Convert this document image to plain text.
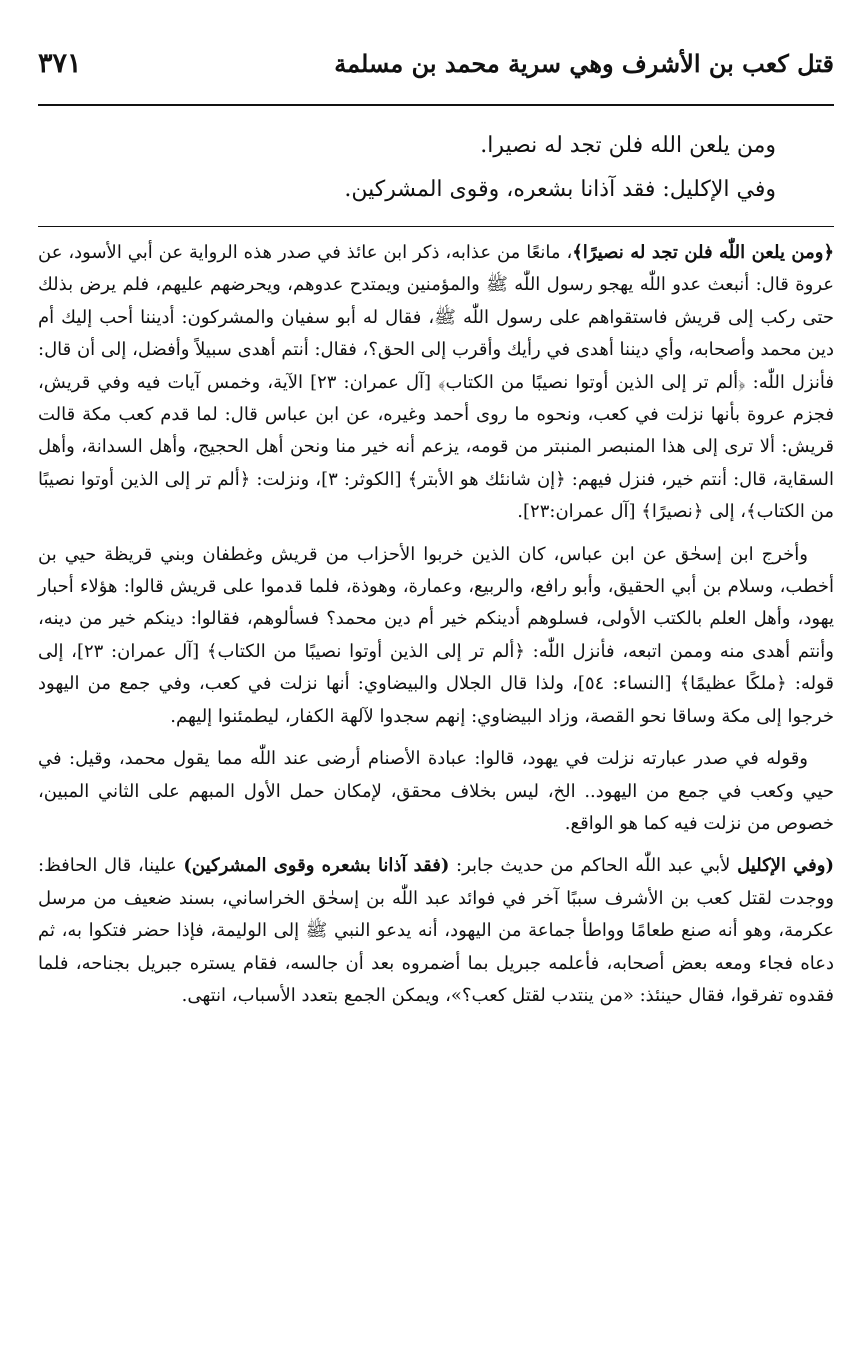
قتل كعب بن الأشرف وهي سرية محمد بن مسلمة
٣٧١

ومن يلعن الله فلن تجد له نصيرا.

وفي الإكليل: فقد آذانا بشعره، وقوى المشركين.

﴿ومن يلعن اللّٰه فلن تجد له نصيرًا﴾، مانعًا من عذابه، ذكر ابن عائذ في صدر هذه الرواية عن أبي الأسود، عن عروة قال: أنبعث عدو اللّٰه يهجو رسول اللّٰه ﷺ والمؤمنين ويمتدح عدوهم، ويحرضهم عليهم، فلم يرض بذلك حتى ركب إلى قريش فاستقواهم على رسول اللّٰه ﷺ، فقال له أبو سفيان والمشركون: أديننا أحب إليك أم دين محمد وأصحابه، وأي ديننا أهدى في رأيك وأقرب إلى الحق؟، فقال: أنتم أهدى سبيلاً وأفضل، إلى أن قال: فأنزل اللّٰه: ﴿ألم تر إلى الذين أوتوا نصيبًا من الكتاب﴾ [آل عمران: ٢٣] الآية، وخمس آيات فيه وفي قريش، فجزم عروة بأنها نزلت في كعب، ونحوه ما روى أحمد وغيره، عن ابن عباس قال: لما قدم كعب مكة قالت قريش: ألا ترى إلى هذا المنبصر المنبتر من قومه، يزعم أنه خير منا ونحن أهل الحجيج، وأهل السدانة، وأهل السقاية، قال: أنتم خير، فنزل فيهم: ﴿إن شانئك هو الأبتر﴾ [الكوثر: ٣]، ونزلت: ﴿ألم تر إلى الذين أوتوا نصيبًا من الكتاب﴾، إلى ﴿نصيرًا﴾ [آل عمران:٢٣].

وأخرج ابن إسحٰق عن ابن عباس، كان الذين خربوا الأحزاب من قريش وغطفان وبني قريظة حيي بن أخطب، وسلام بن أبي الحقيق، وأبو رافع، والربيع، وعمارة، وهوذة، فلما قدموا على قريش قالوا: هؤلاء أحبار يهود، وأهل العلم بالكتب الأولى، فسلوهم أدينكم خير أم دين محمد؟ فسألوهم، فقالوا: دينكم خير من دينه، وأنتم أهدى منه وممن اتبعه، فأنزل اللّٰه: ﴿ألم تر إلى الذين أوتوا نصيبًا من الكتاب﴾ [آل عمران: ٢٣]، إلى قوله: ﴿ملكًا عظيمًا﴾ [النساء: ٥٤]، ولذا قال الجلال والبيضاوي: أنها نزلت في كعب، وفي جمع من اليهود خرجوا إلى مكة وساقا نحو القصة، وزاد البيضاوي: إنهم سجدوا لآلهة الكفار، ليطمئنوا إليهم.

وقوله في صدر عبارته نزلت في يهود، قالوا: عبادة الأصنام أرضى عند اللّٰه مما يقول محمد، وقيل: في حيي وكعب في جمع من اليهود.. الخ، ليس بخلاف محقق، لإمكان حمل الأول المبهم على الثاني المبين، خصوص من نزلت فيه كما هو الواقع.

(وفي الإكليل لأبي عبد اللّٰه الحاكم من حديث جابر: (فقد آذانا بشعره وقوى المشركين) علينا، قال الحافظ: ووجدت لقتل كعب بن الأشرف سببًا آخر في فوائد عبد اللّٰه بن إسحٰق الخراساني، بسند ضعيف من مرسل عكرمة، وهو أنه صنع طعامًا وواطأ جماعة من اليهود، أنه يدعو النبي ﷺ إلى الوليمة، فإذا حضر فتكوا به، ثم دعاه فجاء ومعه بعض أصحابه، فأعلمه جبريل بما أضمروه بعد أن جالسه، فقام يستره جبريل بجناحه، فلما فقدوه تفرقوا، فقال حينئذ: «من ينتدب لقتل كعب؟»، ويمكن الجمع بتعدد الأسباب، انتهى.
